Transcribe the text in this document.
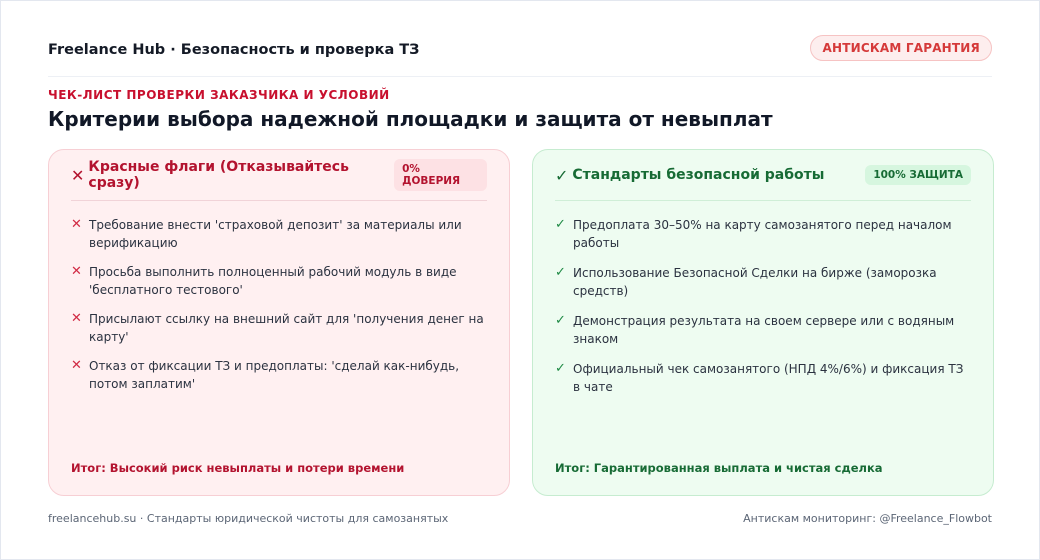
Freelance Hub · Безопасность и проверка ТЗ	АНТИСКАМ ГАРАНТИЯ
ЧЕК-ЛИСТ ПРОВЕРКИ ЗАКАЗЧИКА И УСЛОВИЙ
Критерии выбора надежной площадки и защита от невыплат
✕ Красные флаги (Отказывайтесь сразу)
0% ДОВЕРИЯ
✕ Требование внести 'страховой депозит' за материалы или верификацию
✕ Просьба выполнить полноценный рабочий модуль в виде 'бесплатного тестового'
✕ Присылают ссылку на внешний сайт для 'получения денег на карту'
✕ Отказ от фиксации ТЗ и предоплаты: 'сделай как-нибудь, потом заплатим'
Итог: Высокий риск невыплаты и потери времени
✓ Стандарты безопасной работы	100% ЗАЩИТА
✓ Предоплата 30–50% на карту самозанятого перед началом работы
✓ Использование Безопасной Сделки на бирже (заморозка средств)
✓ Демонстрация результата на своем сервере или с водяным знаком
✓ Официальный чек самозанятого (НПД 4%/6%) и фиксация ТЗ в чате
Итог: Гарантированная выплата и чистая сделка
freelancehub.su · Стандарты юридической чистоты для самозанятых	Антискам мониторинг: @Freelance_Flowbot
